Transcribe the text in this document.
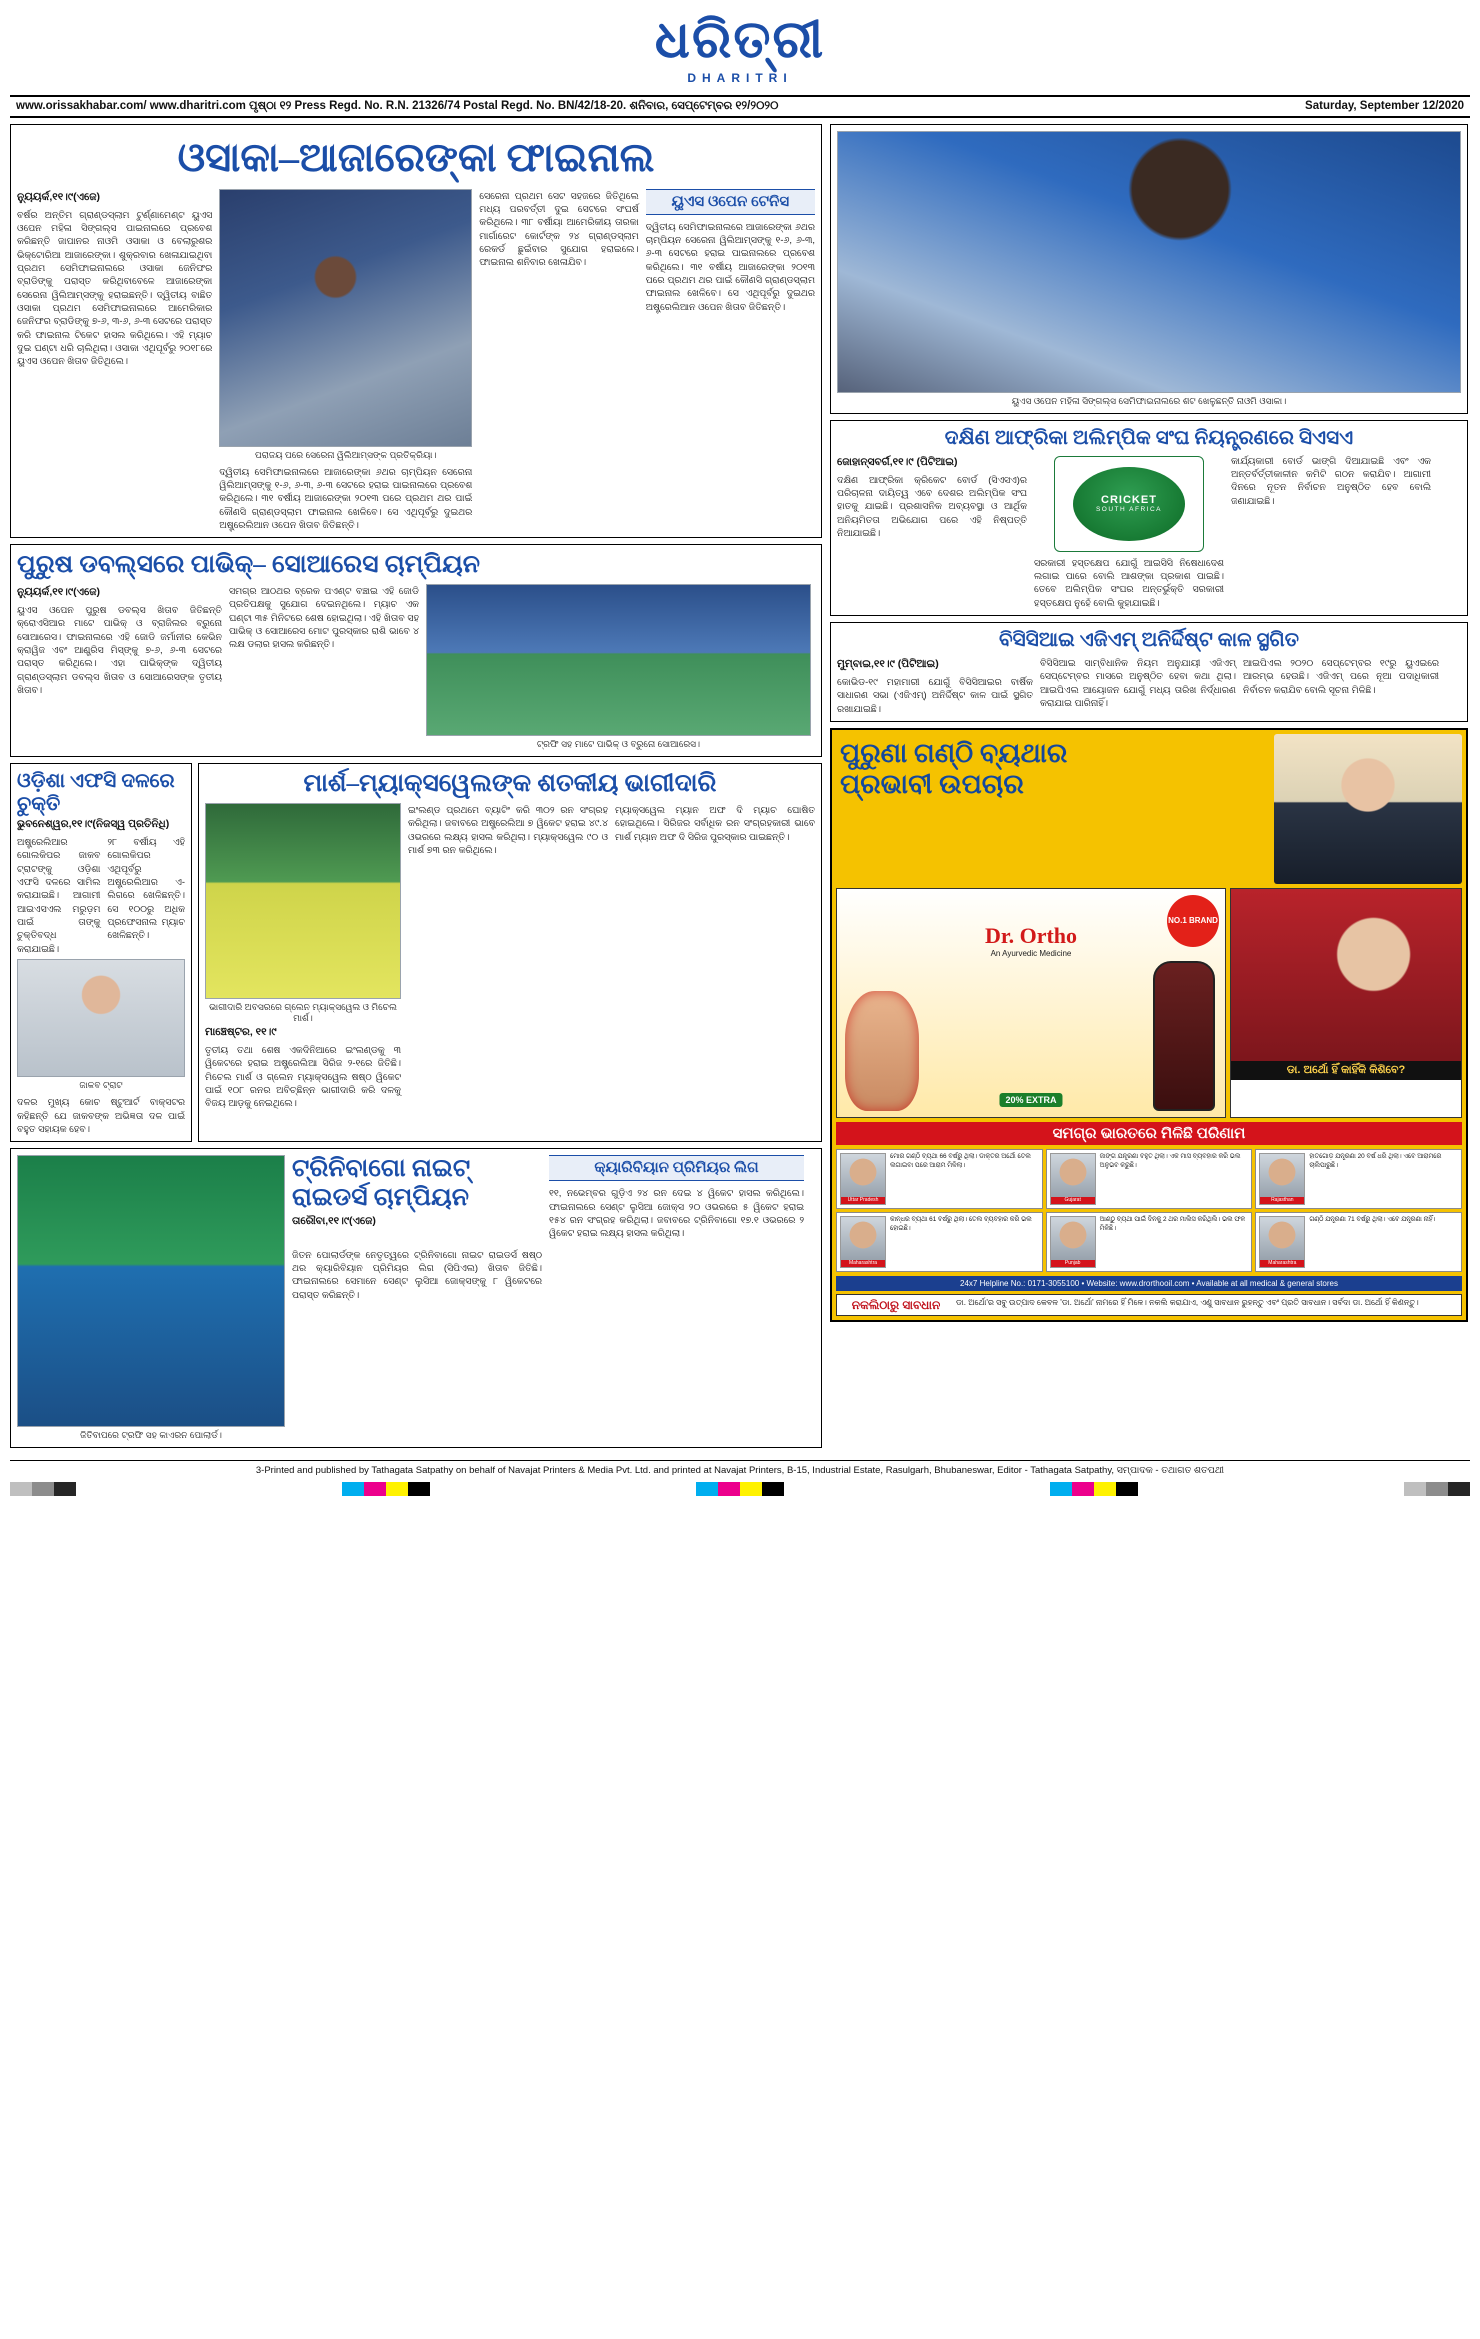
ଧରିତ୍ରୀ
DHARITRI
www.orissakhabar.com/ www.dharitri.com ପୃଷ୍ଠା ୧୨ Press Regd. No. R.N. 21326/74 Postal Regd. No. BN/42/18-20. ଶନିବାର, ସେପ୍ଟେମ୍ବର ୧୨/୨୦୨୦	Saturday, September 12/2020
ଓସାକା–ଆଜାରେଙ୍କା ଫାଇନାଲ
ନ୍ୟୁୟର୍କ,୧୧।୯(ଏଜେ)
ବର୍ଷର ଅନ୍ତିମ ଗ୍ରାଣ୍ଡସ୍ଲାମ ଟୁର୍ଣ୍ଣାମେଣ୍ଟ ୟୁଏସ ଓପେନ ମହିଳା ସିଙ୍ଗଲ୍ସ ପାଇନାଲରେ ପ୍ରବେଶ କରିଛନ୍ତି ଜାପାନର ନାଓମି ଓସାକା ଓ ବେଲାରୁଶର ଭିକ୍ଟୋରିଆ ଆଜାରେଙ୍କା। ଶୁକ୍ରବାର ଖେଳାଯାଇଥିବା ପ୍ରଥମ ସେମିଫାଇନାଲରେ ଓସାକା ଜେନିଫର ବ୍ରାଡିଙ୍କୁ ପରାସ୍ତ କରିଥିବାବେଳେ ଆଜାରେଙ୍କା ସେରେନା ୱିଲିଆମ୍ସଙ୍କୁ ହରାଇଛନ୍ତି। ଦ୍ୱିତୀୟ ବାଛିତ ଓସାକା ପ୍ରଥମ ସେମିଫାଇନାଲରେ ଆମେରିକାର ଜେନିଫର ବ୍ରାଡିଙ୍କୁ ୭-୬, ୩-୬, ୬-୩ ସେଟରେ ପରାସ୍ତ କରି ଫାଇନାଲ ଟିକେଟ ହାସଲ କରିଥିଲେ। ଏହି ମ୍ୟାଚ ଦୁଇ ଘଣ୍ଟା ଧରି ଚାଲିଥିଲା। ଓସାକା ଏଥିପୂର୍ବରୁ ୨୦୧୮ରେ ୟୁଏସ ଓପେନ ଖିତାବ ଜିତିଥିଲେ।
ପରାଜୟ ପରେ ସେରେନା ୱିଲିଆମ୍ସଙ୍କ ପ୍ରତିକ୍ରିୟା।
ଦ୍ୱିତୀୟ ସେମିଫାଇନାଲରେ ଆଜାରେଙ୍କା ୬ଥର ଚାମ୍ପିୟନ ସେରେନା ୱିଲିଆମ୍ସଙ୍କୁ ୧-୬, ୬-୩, ୬-୩ ସେଟରେ ହରାଇ ପାଇନାଲରେ ପ୍ରବେଶ କରିଥିଲେ। ୩୧ ବର୍ଷୀୟ ଆଜାରେଙ୍କା ୨୦୧୩ ପରେ ପ୍ରଥମ ଥର ପାଇଁ କୌଣସି ଗ୍ରାଣ୍ଡସ୍ଲାମ ଫାଇନାଲ ଖେଳିବେ। ସେ ଏଥିପୂର୍ବରୁ ଦୁଇଥର ଅଷ୍ଟ୍ରେଲିଆନ ଓପେନ ଖିତାବ ଜିତିଛନ୍ତି।
ସେରେନା ପ୍ରଥମ ସେଟ ସହଜରେ ଜିତିଥିଲେ ମଧ୍ୟ ପରବର୍ତ୍ତୀ ଦୁଇ ସେଟରେ ସଂଘର୍ଷ କରିଥିଲେ। ୩୮ ବର୍ଷୀୟା ଆମେରିକୀୟ ତାରକା ମାର୍ଗାରେଟ କୋର୍ଟଙ୍କ ୨୪ ଗ୍ରାଣ୍ଡସ୍ଲାମ ରେକର୍ଡ ଛୁଇଁବାର ସୁଯୋଗ ହରାଇଲେ। ଫାଇନାଲ ଶନିବାର ଖେଳାଯିବ।
ୟୁଏସ ଓପେନ ଟେନିସ
ଦ୍ୱିତୀୟ ସେମିଫାଇନାଲରେ ଆଜାରେଙ୍କା ୬ଥର ଚାମ୍ପିୟନ ସେରେନା ୱିଲିଆମ୍ସଙ୍କୁ ୧-୬, ୬-୩, ୬-୩ ସେଟରେ ହରାଇ ପାଇନାଲରେ ପ୍ରବେଶ କରିଥିଲେ। ୩୧ ବର୍ଷୀୟ ଆଜାରେଙ୍କା ୨୦୧୩ ପରେ ପ୍ରଥମ ଥର ପାଇଁ କୌଣସି ଗ୍ରାଣ୍ଡସ୍ଲାମ ଫାଇନାଲ ଖେଳିବେ। ସେ ଏଥିପୂର୍ବରୁ ଦୁଇଥର ଅଷ୍ଟ୍ରେଲିଆନ ଓପେନ ଖିତାବ ଜିତିଛନ୍ତି।
ପୁରୁଷ ଡବଲ୍ସରେ ପାଭିକ୍‌– ସୋଆରେସ ଚାମ୍ପିୟନ
ନ୍ୟୁୟର୍କ,୧୧।୯(ଏଜେ)
ୟୁଏସ ଓପେନ ପୁରୁଷ ଡବଲ୍ସ ଖିତାବ ଜିତିଛନ୍ତି କ୍ରୋଏସିଆର ମାଟେ ପାଭିକ୍ ଓ ବ୍ରାଜିଲର ବ୍ରୁନୋ ସୋଆରେସ। ଫାଇନାଲରେ ଏହି ଜୋଡି ଜର୍ମାନୀର କେଭିନ କ୍ରାୱିଜ ଏବଂ ଆଣ୍ଡ୍ରିସ ମିସ୍‌ଙ୍କୁ ୭-୬, ୬-୩ ସେଟରେ ପରାସ୍ତ କରିଥିଲେ। ଏହା ପାଭିକ୍‌ଙ୍କ ଦ୍ୱିତୀୟ ଗ୍ରାଣ୍ଡସ୍ଲାମ ଡବଲ୍ସ ଖିତାବ ଓ ସୋଆରେସଙ୍କ ତୃତୀୟ ଖିତାବ।
ସମଗ୍ର ଆଠଥର ବ୍ରେକ ପଏଣ୍ଟ ବଞ୍ଚାଇ ଏହି ଜୋଡି ପ୍ରତିପକ୍ଷକୁ ସୁଯୋଗ ଦେଇନଥିଲେ। ମ୍ୟାଚ ଏକ ଘଣ୍ଟା ୩୫ ମିନିଟରେ ଶେଷ ହୋଇଥିଲା। ଏହି ଖିତାବ ସହ ପାଭିକ୍ ଓ ସୋଆରେସ ମୋଟ ପୁରସ୍କାର ରାଶି ଭାବେ ୪ ଲକ୍ଷ ଡଲାର ହାସଲ କରିଛନ୍ତି।
ଟ୍ରଫି ସହ ମାଟେ ପାଭିକ୍ ଓ ବ୍ରୁନୋ ସୋଆରେସ।
ଓଡ଼ିଶା ଏଫସି ଦଳରେ ଚୁକ୍ତି
ଭୁବନେଶ୍ୱର,୧୧।୯(ନିଜସ୍ୱ ପ୍ରତିନିଧି)
ଅଷ୍ଟ୍ରେଲିଆର ଗୋଲକିପର ଜାକବ ଟ୍ରାଟଙ୍କୁ ଓଡ଼ିଶା ଏଫସି ଦଳରେ ସାମିଲ କରାଯାଇଛି। ଆଗାମୀ ଆଇଏସଏଲ ମରୁଡ଼ମ ପାଇଁ ତାଙ୍କୁ ଚୁକ୍ତିବଦ୍ଧ କରାଯାଇଛି।
୨୮ ବର୍ଷୀୟ ଏହି ଗୋଲକିପର ଏଥିପୂର୍ବରୁ ଅଷ୍ଟ୍ରେଲିଆର ଏ-ଲିଗରେ ଖେଳିଛନ୍ତି। ସେ ୧୦୦ରୁ ଅଧିକ ପ୍ରଫେସନାଲ ମ୍ୟାଚ ଖେଳିଛନ୍ତି।
ଜାକବ ଟ୍ରାଟ
ଦଳର ମୁଖ୍ୟ କୋଚ ଷ୍ଟୁଆର୍ଟ ବାକ୍ସଟର କହିଛନ୍ତି ଯେ ଜାକବଙ୍କ ଅଭିଜ୍ଞତା ଦଳ ପାଇଁ ବହୁତ ସହାୟକ ହେବ।
ମାର୍ଶ–ମ୍ୟାକ୍ସୱେଲଙ୍କ ଶତକୀୟ ଭାଗୀଦାରି
ଭାଗୀଦାରି ଅବସରରେ ଗ୍ଲେନ ମ୍ୟାକ୍ସୱେଲ ଓ ମିଚେଲ ମାର୍ଶ।
ମାଞ୍ଚେଷ୍ଟର, ୧୧।୯
ତୃତୀୟ ତଥା ଶେଷ ଏକଦିନିଆରେ ଇଂଲଣ୍ଡକୁ ୩ ୱିକେଟରେ ହରାଇ ଅଷ୍ଟ୍ରେଲିଆ ସିରିଜ ୨-୧ରେ ଜିତିଛି। ମିଚେଲ ମାର୍ଶ ଓ ଗ୍ଲେନ ମ୍ୟାକ୍ସୱେଲ ଷଷ୍ଠ ୱିକେଟ ପାଇଁ ୧୦୮ ରନର ଅବିଚ୍ଛିନ୍ନ ଭାଗୀଦାରି କରି ଦଳକୁ ବିଜୟ ଆଡ଼କୁ ନେଇଥିଲେ।
ଇଂଲଣ୍ଡ ପ୍ରଥମେ ବ୍ୟାଟିଂ କରି ୩୦୨ ରନ ସଂଗ୍ରହ କରିଥିଲା। ଜବାବରେ ଅଷ୍ଟ୍ରେଲିଆ ୭ ୱିକେଟ ହରାଇ ୪୯.୪ ଓଭରରେ ଲକ୍ଷ୍ୟ ହାସଲ କରିଥିଲା। ମ୍ୟାକ୍ସୱେଲ ୯୦ ଓ ମାର୍ଶ ୭୩ ରନ କରିଥିଲେ।
ମ୍ୟାକ୍ସୱେଲ ମ୍ୟାନ ଅଫ ଦି ମ୍ୟାଚ ଘୋଷିତ ହୋଇଥିଲେ। ସିରିଜର ସର୍ବାଧିକ ରନ ସଂଗ୍ରହକାରୀ ଭାବେ ମାର୍ଶ ମ୍ୟାନ ଅଫ ଦି ସିରିଜ ପୁରସ୍କାର ପାଇଛନ୍ତି।
ଜିତିବାପରେ ଟ୍ରଫି ସହ କାଏରନ ପୋଲାର୍ଡ।
ଟ୍ରିନିବାଗୋ ନାଇଟ୍ ରାଇଡର୍ସ ଚାମ୍ପିୟନ
ତାରୌବା,୧୧।୯(ଏଜେ)
ଜିତନ ପୋଲାର୍ଡଙ୍କ ନେତୃତ୍ୱରେ ଟ୍ରିନିବାଗୋ ନାଇଟ ରାଇଡର୍ସ ଷଷ୍ଠ ଥର କ୍ୟାରିବିୟାନ ପ୍ରିମିୟର ଲିଗ (ସିପିଏଲ) ଖିତାବ ଜିତିଛି। ଫାଇନାଲରେ ସେମାନେ ସେଣ୍ଟ ଲୁସିଆ ଜୋକ୍ସଙ୍କୁ ୮ ୱିକେଟରେ ପରାସ୍ତ କରିଛନ୍ତି।
କ୍ୟାରିବିୟାନ ପ୍ରିମିୟର ଲିଗ
୧୧, ନଭେମ୍ବର ଗୁଡ଼ିଏ ୨୪ ରନ ଦେଇ ୪ ୱିକେଟ ହାସଲ କରିଥିଲେ। ଫାଇନାଲରେ ସେଣ୍ଟ ଲୁସିଆ ଜୋକ୍ସ ୨୦ ଓଭରରେ ୫ ୱିକେଟ ହରାଇ ୧୫୪ ରନ ସଂଗ୍ରହ କରିଥିଲା। ଜବାବରେ ଟ୍ରିନିବାଗୋ ୧୭.୧ ଓଭରରେ ୨ ୱିକେଟ ହରାଇ ଲକ୍ଷ୍ୟ ହାସଲ କରିଥିଲା।
ୟୁଏସ ଓପେନ ମହିଳା ସିଙ୍ଗଲ୍ସ ସେମିଫାଇନାଲରେ ଶଟ ଖେଳୁଛନ୍ତି ନାଓମି ଓସାକା।
ଦକ୍ଷିଣ ଆଫ୍ରିକା ଅଲିମ୍ପିକ ସଂଘ ନିୟନ୍ତ୍ରଣରେ ସିଏସଏ
ଜୋହାନ୍ସବର୍ଗ,୧୧।୯ (ପିଟିଆଇ)
ଦକ୍ଷିଣ ଆଫ୍ରିକା କ୍ରିକେଟ ବୋର୍ଡ (ସିଏସଏ)ର ପରିଚାଳନା ଦାୟିତ୍ୱ ଏବେ ଦେଶର ଅଲିମ୍ପିକ ସଂଘ ହାତକୁ ଯାଇଛି। ପ୍ରଶାସନିକ ଅବ୍ୟବସ୍ଥା ଓ ଆର୍ଥିକ ଅନିୟମିତତା ଅଭିଯୋଗ ପରେ ଏହି ନିଷ୍ପତ୍ତି ନିଆଯାଇଛି।
CRICKET
SOUTH AFRICA
ସରକାରୀ ହସ୍ତକ୍ଷେପ ଯୋଗୁଁ ଆଇସିସି ନିଷେଧାଦେଶ ଲଗାଇ ପାରେ ବୋଲି ଆଶଙ୍କା ପ୍ରକାଶ ପାଇଛି। ତେବେ ଅଲିମ୍ପିକ ସଂଘର ଅନ୍ତର୍ଭୁକ୍ତି ସରକାରୀ ହସ୍ତକ୍ଷେପ ନୁହେଁ ବୋଲି କୁହାଯାଇଛି।
କାର୍ଯ୍ୟକାରୀ ବୋର୍ଡ ଭାଙ୍ଗି ଦିଆଯାଇଛି ଏବଂ ଏକ ଅନ୍ତର୍ବର୍ତ୍ତୀକାଳୀନ କମିଟି ଗଠନ କରାଯିବ। ଆଗାମୀ ଦିନରେ ନୂତନ ନିର୍ବାଚନ ଅନୁଷ୍ଠିତ ହେବ ବୋଲି ଜଣାଯାଇଛି।
ବିସିସିଆଇ ଏଜିଏମ୍ ଅନିର୍ଦ୍ଦିଷ୍ଟ କାଳ ସ୍ଥଗିତ
ମୁମ୍ବାଇ,୧୧।୯ (ପିଟିଆଇ)
କୋଭିଡ-୧୯ ମହାମାରୀ ଯୋଗୁଁ ବିସିସିଆଇର ବାର୍ଷିକ ସାଧାରଣ ସଭା (ଏଜିଏମ୍) ଅନିର୍ଦ୍ଦିଷ୍ଟ କାଳ ପାଇଁ ସ୍ଥଗିତ ରଖାଯାଇଛି।
ବିସିସିଆଇ ସାମ୍ବିଧାନିକ ନିୟମ ଅନୁଯାୟୀ ଏଜିଏମ୍ ସେପ୍ଟେମ୍ବର ମାସରେ ଅନୁଷ୍ଠିତ ହେବା କଥା ଥିଲା। ଆଇପିଏଲ ଆୟୋଜନ ଯୋଗୁଁ ମଧ୍ୟ ତାରିଖ ନିର୍ଦ୍ଧାରଣ କରାଯାଇ ପାରିନାହିଁ।
ଆଇପିଏଲ ୨୦୨୦ ସେପ୍ଟେମ୍ବର ୧୯ରୁ ୟୁଏଇରେ ଆରମ୍ଭ ହେଉଛି। ଏଜିଏମ୍ ପରେ ନୂଆ ପଦାଧିକାରୀ ନିର୍ବାଚନ କରାଯିବ ବୋଲି ସୂଚନା ମିଳିଛି।
ପୁରୁଣା ଗଣ୍ଠି ବ୍ୟଥାର
ପ୍ରଭାବୀ ଉପଚାର
NO.1 BRAND
Dr. Ortho
An Ayurvedic Medicine
20% EXTRA
ଡା. ଅର୍ଥୋ ହିଁ କାହିଁକି କିଶିବେ?
ସମଗ୍ର ଭାରତରେ ମିଳିଛି ପରିଣାମ
Uttar Pradesh
ମୋର ଗଣ୍ଠି ବ୍ୟଥା 66 ବର୍ଷରୁ ଥିଲା। ଡାକ୍ତର ଅର୍ଥୋ ତେଲ ଲଗାଇବା ପରେ ଆରାମ ମିଳିଲା।
Gujarat
ଜାଙ୍ଗ ଯନ୍ତ୍ରଣା ବହୁତ ଥିଲା। ଏକ ମାସ ବ୍ୟବହାର କରି ଭଲ ଅନୁଭବ କରୁଛି।
Rajasthan
ହାତଗୋଡ଼ ଯନ୍ତ୍ରଣା 20 ବର୍ଷ ଧରି ଥିଲା। ଏବେ ଆରାମରେ ଚାଲିପାରୁଛି।
Maharashtra
କାନ୍ଧର ବ୍ୟଥା 61 ବର୍ଷରୁ ଥିଲା। ତେଲ ବ୍ୟବହାର କରି ଭଲ ହୋଇଛି।
Punjab
ଆଣ୍ଠୁ ବ୍ୟଥା ପାଇଁ ଦିନକୁ 2 ଥର ମାଲିସ କରିଥିଲି। ଭଲ ଫଳ ମିଳିଛି।
Maharashtra
ଗଣ୍ଠି ଯନ୍ତ୍ରଣା 71 ବର୍ଷରୁ ଥିଲା। ଏବେ ଯନ୍ତ୍ରଣା ନାହିଁ।
24x7 Helpline No.: 0171-3055100 • Website: www.drorthooil.com • Available at all medical & general stores
ନକଲିଠାରୁ ସାବଧାନ	ଡା. ଅର୍ଥୋ'ର ସବୁ ଉତ୍ପାଦ କେବଳ 'ଡା. ଅର୍ଥୋ' ନାମରେ ହିଁ ମିଳେ। ନକଲି କରାଯାଏ, ଏଣୁ ସାବଧାନ ରୁହନ୍ତୁ ଏବଂ ପ୍ରତି ସାବଧାନ। ସର୍ବଦା ଡା. ଅର୍ଥୋ ହିଁ କିଣନ୍ତୁ।
3-Printed and published by Tathagata Satpathy on behalf of Navajat Printers & Media Pvt. Ltd. and printed at Navajat Printers, B-15, Industrial Estate, Rasulgarh, Bhubaneswar, Editor - Tathagata Satpathy, ସମ୍ପାଦକ - ତଥାଗତ ଶତପଥୀ
